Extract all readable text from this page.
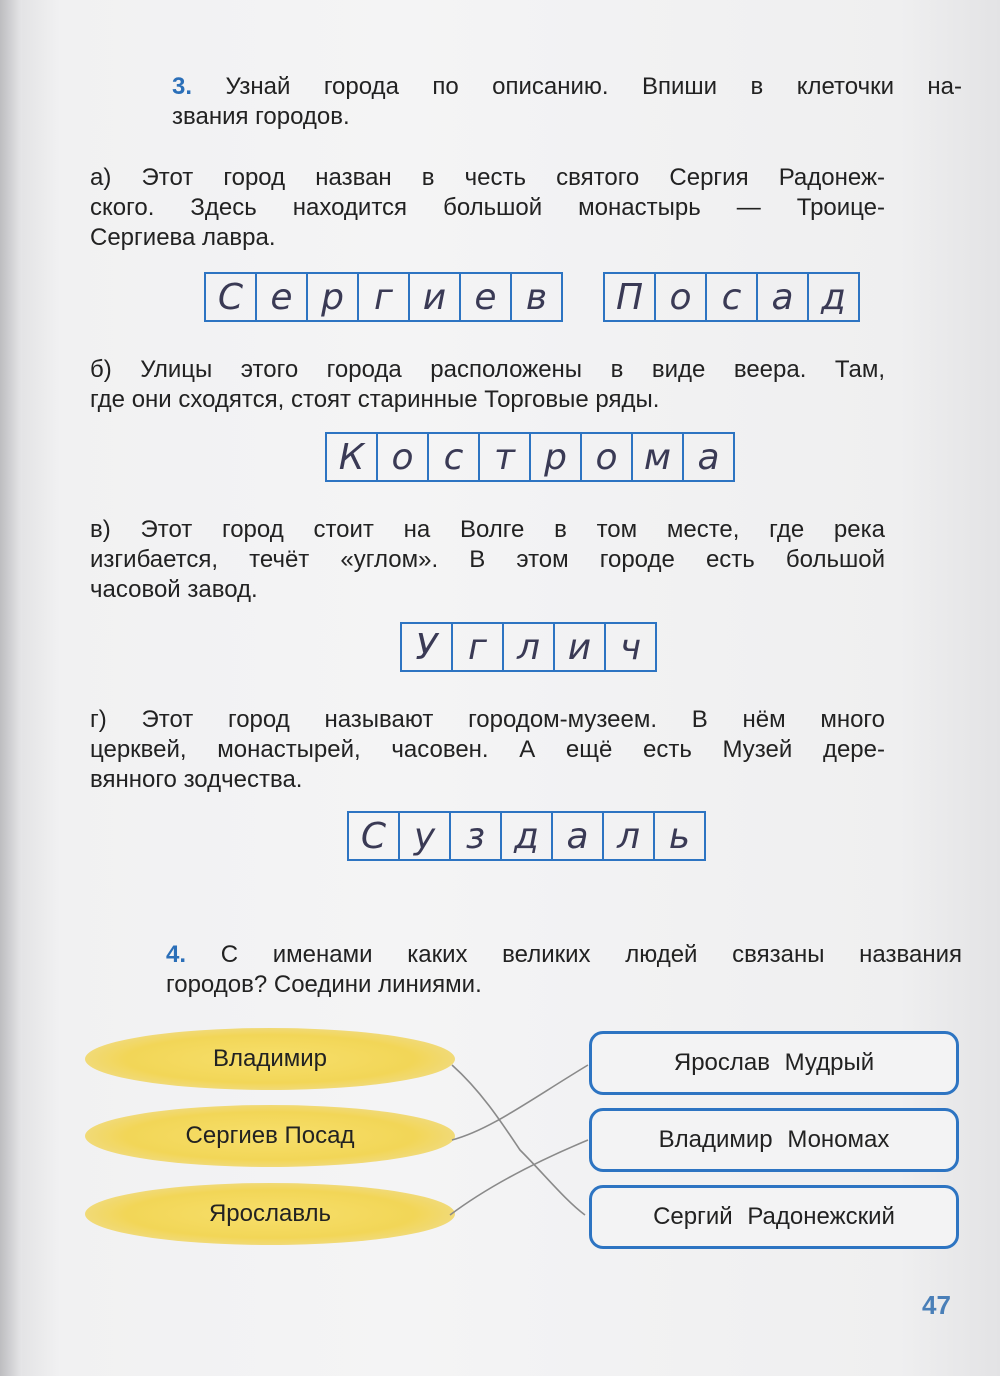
3. Узнай города по описанию. Впиши в клеточки на-
звания городов.
а) Этот город назван в честь святого Сергия Радонеж-
ского. Здесь находится большой монастырь — Троице-
Сергиева лавра.
С е р г и е в	П о с а д
б) Улицы этого города расположены в виде веера. Там,
где они сходятся, стоят старинные Торговые ряды.
К о с т р о м а
в) Этот город стоит на Волге в том месте, где река
изгибается, течёт «углом». В этом городе есть большой
часовой завод.
У г л и ч
г) Этот город называют городом-музеем. В нём много
церквей, монастырей, часовен. А ещё есть Музей дере-
вянного зодчества.
С у з д а л ь
4. С именами каких великих людей связаны названия
городов? Соедини линиями.
Владимир
Сергиев Посад
Ярославль
Ярослав Мудрый
Владимир Мономах
Сергий Радонежский
47
